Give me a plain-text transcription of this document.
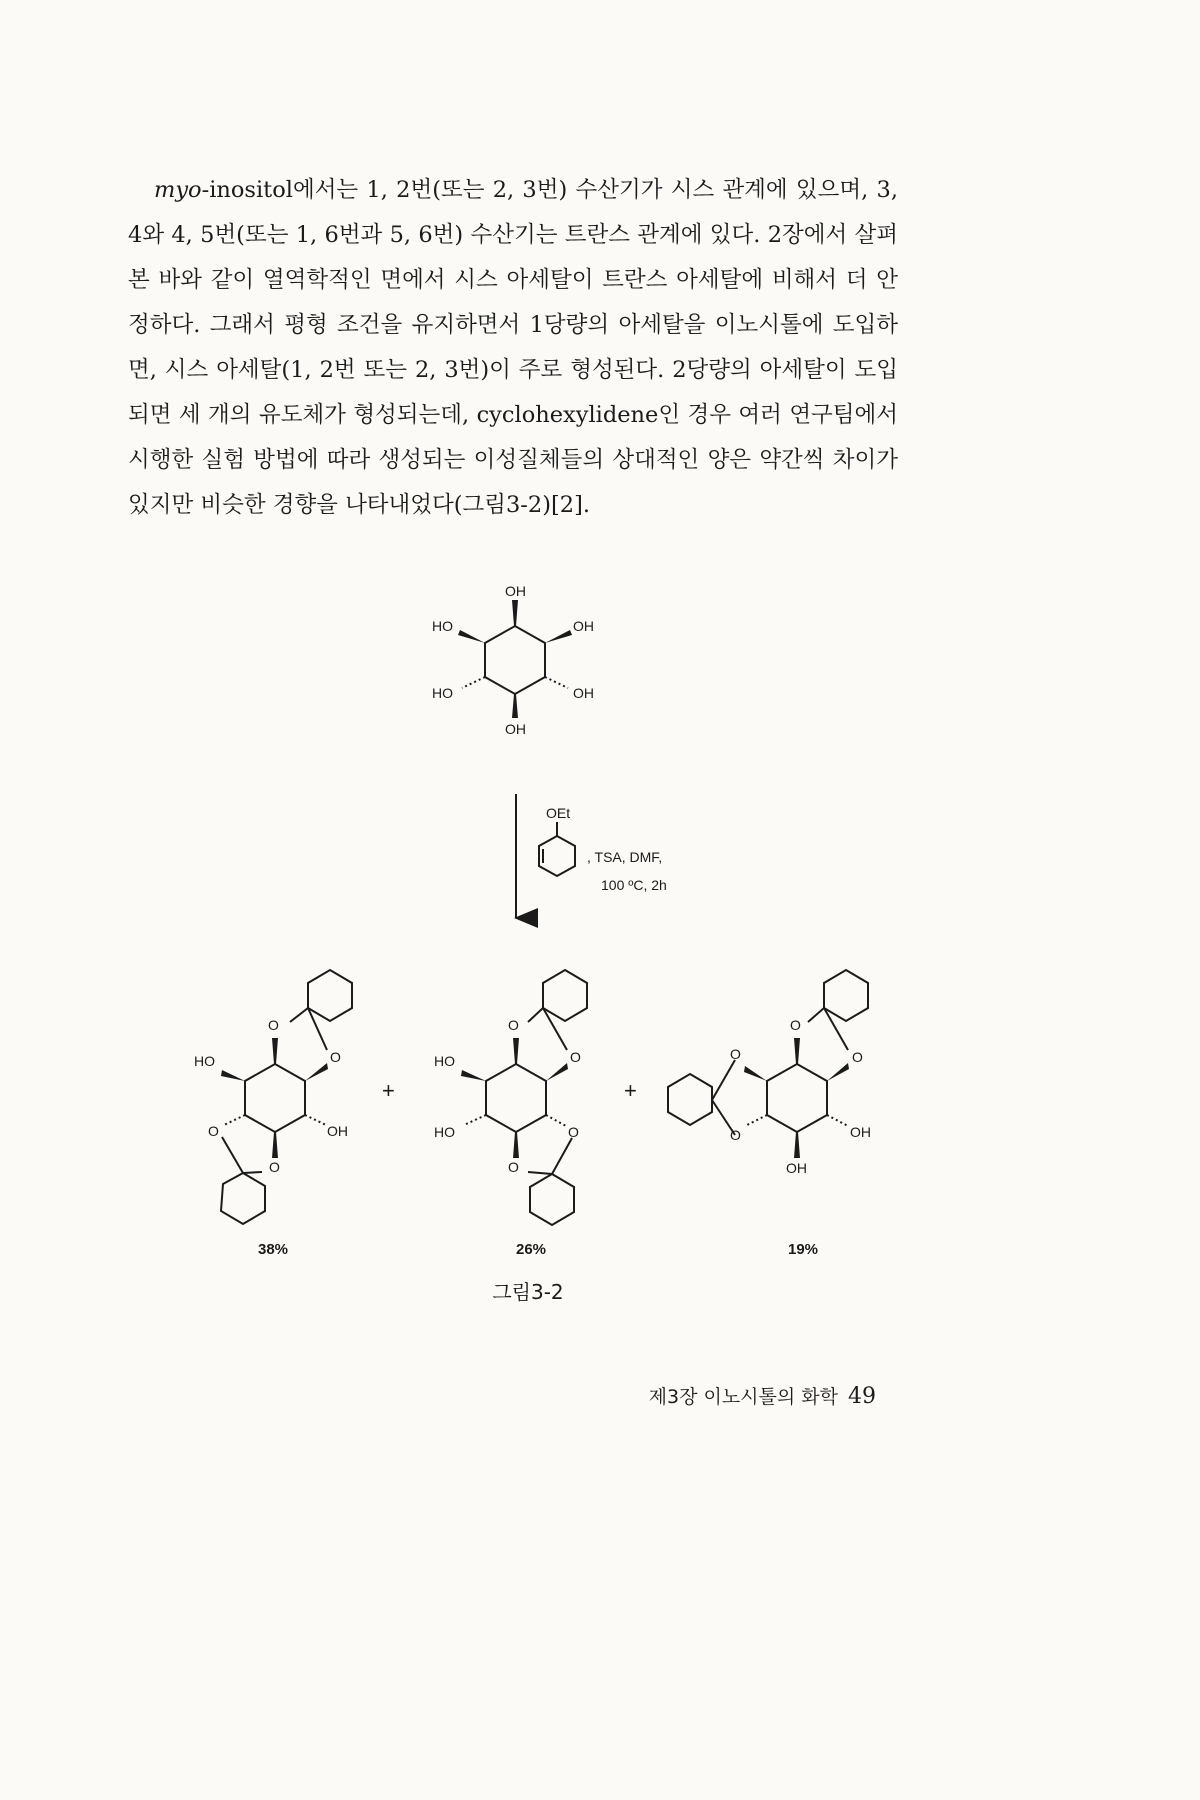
myo-inositol에서는 1, 2번(또는 2, 3번) 수산기가 시스 관계에 있으며, 3, 4와 4, 5번(또는 1, 6번과 5, 6번) 수산기는 트란스 관계에 있다. 2장에서 살펴본 바와 같이 열역학적인 면에서 시스 아세탈이 트란스 아세탈에 비해서 더 안정하다. 그래서 평형 조건을 유지하면서 1당량의 아세탈을 이노시톨에 도입하면, 시스 아세탈(1, 2번 또는 2, 3번)이 주로 형성된다. 2당량의 아세탈이 도입되면 세 개의 유도체가 형성되는데, cyclohexylidene인 경우 여러 연구팀에서 시행한 실험 방법에 따라 생성되는 이성질체들의 상대적인 양은 약간씩 차이가 있지만 비슷한 경향을 나타내었다(그림3-2)[2].

OH
HO	OH
HO	OH
OH
OEt
, TSA, DMF,
100 ºC, 2h
O
O
HO
O	OH
O
38%
+
O
O
HO
HO	O
O
26%
+
O
O
O
O	OH
OH
19%
그림3-2
제3장 이노시톨의 화학 49
